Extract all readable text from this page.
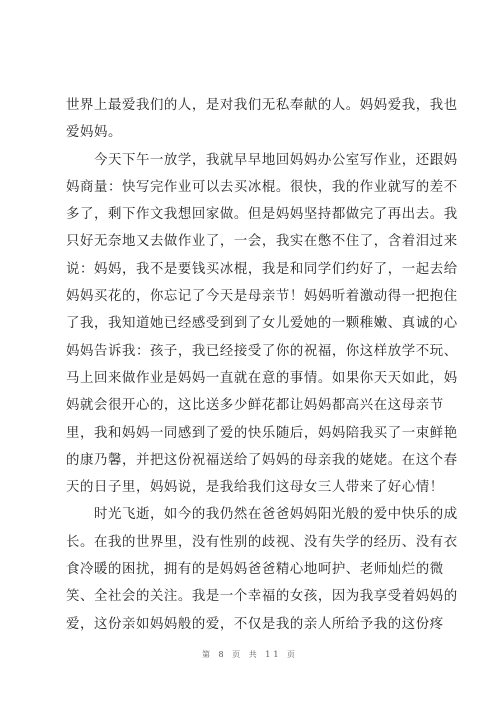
世界上最爱我们的人，是对我们无私奉献的人。妈妈爱我，我也
爱妈妈。
　　今天下午一放学，我就早早地回妈妈办公室写作业，还跟妈
妈商量：快写完作业可以去买冰棍。很快，我的作业就写的差不
多了，剩下作文我想回家做。但是妈妈坚持都做完了再出去。我
只好无奈地又去做作业了，一会，我实在憋不住了，含着泪过来
说：妈妈，我不是要钱买冰棍，我是和同学们约好了，一起去给
妈妈买花的，你忘记了今天是母亲节！妈妈听着激动得一把抱住
了我，我知道她已经感受到到了女儿爱她的一颗稚嫩、真诚的心
妈妈告诉我：孩子，我已经接受了你的祝福，你这样放学不玩、
马上回来做作业是妈妈一直就在意的事情。如果你天天如此，妈
妈就会很开心的，这比送多少鲜花都让妈妈都高兴在这母亲节
里，我和妈妈一同感到了爱的快乐随后，妈妈陪我买了一束鲜艳
的康乃馨，并把这份祝福送给了妈妈的母亲我的姥姥。在这个春
天的日子里，妈妈说，是我给我们这母女三人带来了好心情！
　　时光飞逝，如今的我仍然在爸爸妈妈阳光般的爱中快乐的成
长。在我的世界里，没有性别的歧视、没有失学的经历、没有衣
食冷暖的困扰，拥有的是妈妈爸爸精心地呵护、老师灿烂的微
笑、全社会的关注。我是一个幸福的女孩，因为我享受着妈妈的
爱，这份亲如妈妈般的爱，不仅是我的亲人所给予我的这份疼
第 8 页 共 11 页
